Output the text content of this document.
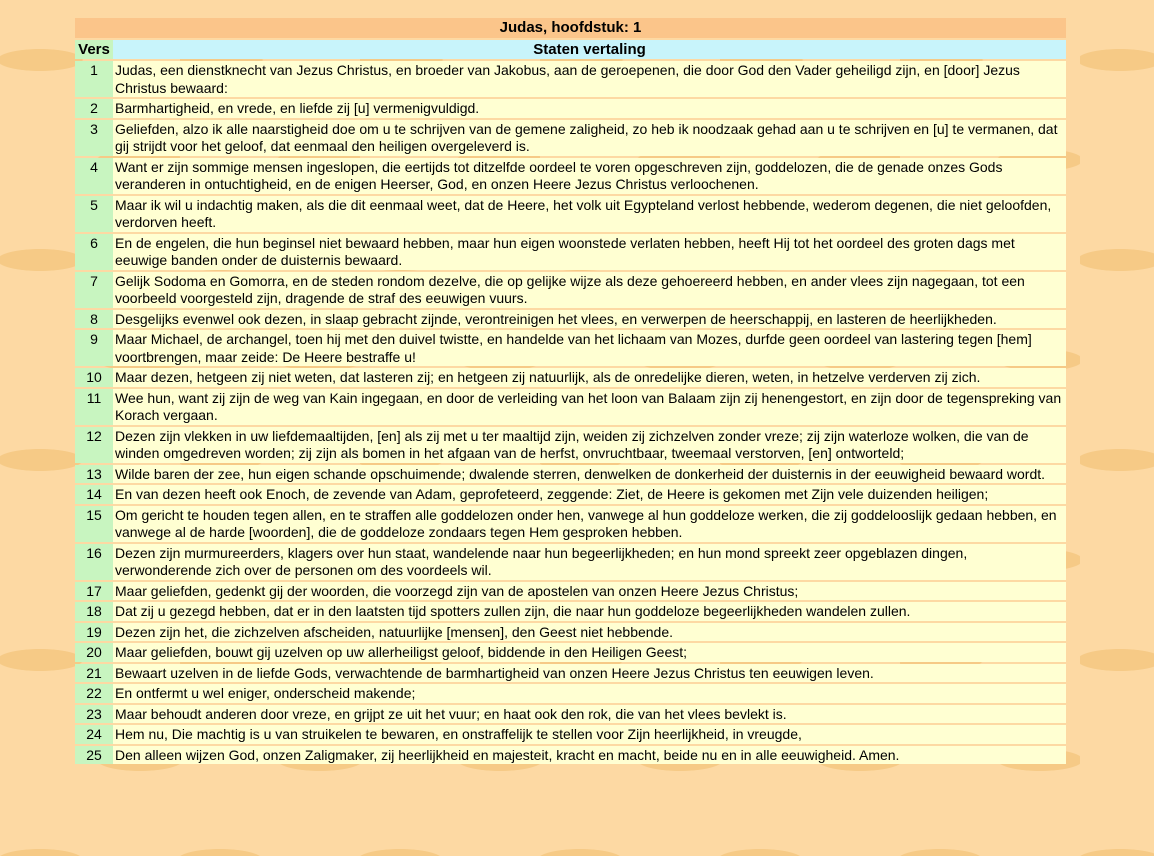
Judas, hoofdstuk: 1	
Vers	Staten vertaling
1	Judas, een dienstknecht van Jezus Christus, en broeder van Jakobus, aan de geroepenen, die door God den Vader geheiligd zijn, en [door] Jezus Christus bewaard:
2	Barmhartigheid, en vrede, en liefde zij [u] vermenigvuldigd.
3	Geliefden, alzo ik alle naarstigheid doe om u te schrijven van de gemene zaligheid, zo heb ik noodzaak gehad aan u te schrijven en [u] te vermanen, dat gij strijdt voor het geloof, dat eenmaal den heiligen overgeleverd is.
4	Want er zijn sommige mensen ingeslopen, die eertijds tot ditzelfde oordeel te voren opgeschreven zijn, goddelozen, die de genade onzes Gods veranderen in ontuchtigheid, en de enigen Heerser, God, en onzen Heere Jezus Christus verloochenen.
5	Maar ik wil u indachtig maken, als die dit eenmaal weet, dat de Heere, het volk uit Egypteland verlost hebbende, wederom degenen, die niet geloofden, verdorven heeft.
6	En de engelen, die hun beginsel niet bewaard hebben, maar hun eigen woonstede verlaten hebben, heeft Hij tot het oordeel des groten dags met eeuwige banden onder de duisternis bewaard.
7	Gelijk Sodoma en Gomorra, en de steden rondom dezelve, die op gelijke wijze als deze gehoereerd hebben, en ander vlees zijn nagegaan, tot een voorbeeld voorgesteld zijn, dragende de straf des eeuwigen vuurs.
8	Desgelijks evenwel ook dezen, in slaap gebracht zijnde, verontreinigen het vlees, en verwerpen de heerschappij, en lasteren de heerlijkheden.
9	Maar Michael, de archangel, toen hij met den duivel twistte, en handelde van het lichaam van Mozes, durfde geen oordeel van lastering tegen [hem] voortbrengen, maar zeide: De Heere bestraffe u!
10	Maar dezen, hetgeen zij niet weten, dat lasteren zij; en hetgeen zij natuurlijk, als de onredelijke dieren, weten, in hetzelve verderven zij zich.
11	Wee hun, want zij zijn de weg van Kain ingegaan, en door de verleiding van het loon van Balaam zijn zij henengestort, en zijn door de tegenspreking van Korach vergaan.
12	Dezen zijn vlekken in uw liefdemaaltijden, [en] als zij met u ter maaltijd zijn, weiden zij zichzelven zonder vreze; zij zijn waterloze wolken, die van de winden omgedreven worden; zij zijn als bomen in het afgaan van de herfst, onvruchtbaar, tweemaal verstorven, [en] ontworteld;
13	Wilde baren der zee, hun eigen schande opschuimende; dwalende sterren, denwelken de donkerheid der duisternis in der eeuwigheid bewaard wordt.
14	En van dezen heeft ook Enoch, de zevende van Adam, geprofeteerd, zeggende: Ziet, de Heere is gekomen met Zijn vele duizenden heiligen;
15	Om gericht te houden tegen allen, en te straffen alle goddelozen onder hen, vanwege al hun goddeloze werken, die zij goddelooslijk gedaan hebben, en vanwege al de harde [woorden], die de goddeloze zondaars tegen Hem gesproken hebben.
16	Dezen zijn murmureerders, klagers over hun staat, wandelende naar hun begeerlijkheden; en hun mond spreekt zeer opgeblazen dingen, verwonderende zich over de personen om des voordeels wil.
17	Maar geliefden, gedenkt gij der woorden, die voorzegd zijn van de apostelen van onzen Heere Jezus Christus;
18	Dat zij u gezegd hebben, dat er in den laatsten tijd spotters zullen zijn, die naar hun goddeloze begeerlijkheden wandelen zullen.
19	Dezen zijn het, die zichzelven afscheiden, natuurlijke [mensen], den Geest niet hebbende.
20	Maar geliefden, bouwt gij uzelven op uw allerheiligst geloof, biddende in den Heiligen Geest;
21	Bewaart uzelven in de liefde Gods, verwachtende de barmhartigheid van onzen Heere Jezus Christus ten eeuwigen leven.
22	En ontfermt u wel eniger, onderscheid makende;
23	Maar behoudt anderen door vreze, en grijpt ze uit het vuur; en haat ook den rok, die van het vlees bevlekt is.
24	Hem nu, Die machtig is u van struikelen te bewaren, en onstraffelijk te stellen voor Zijn heerlijkheid, in vreugde,
25	Den alleen wijzen God, onzen Zaligmaker, zij heerlijkheid en majesteit, kracht en macht, beide nu en in alle eeuwigheid. Amen.
